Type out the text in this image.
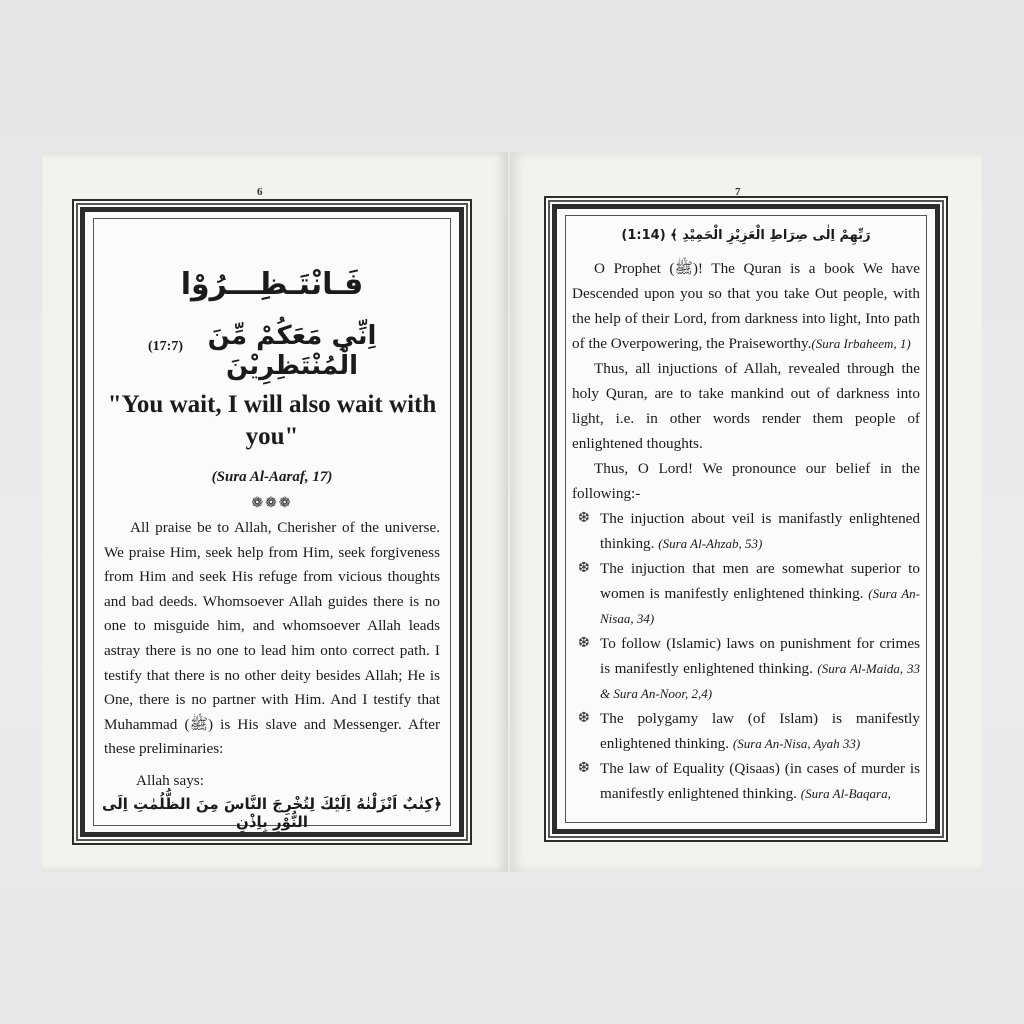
6
فَـانْتَـظِـــرُوْا
اِنِّي مَعَكُمْ مِّنَ الْمُنْتَظِرِيْنَ
(17:7)
"You wait, I will also wait with you"
(Sura Al-Aaraf, 17)
❁❁❁

All praise be to Allah, Cherisher of the universe. We praise Him, seek help from Him, seek forgiveness from Him and seek His refuge from vicious thoughts and bad deeds. Whomsoever Allah guides there is no one to misguide him, and whomsoever Allah leads astray there is no one to lead him onto correct path. I testify that there is no other deity besides Allah; He is One, there is no partner with Him. And I testify that Muhammad (ﷺ) is His slave and Messenger. After these preliminaries:

Allah says:
﴿كِتٰبٌ اَنْزَلْنٰهُ اِلَيْكَ لِتُخْرِجَ النَّاسَ مِنَ الظُّلُمٰتِ اِلَى النُّوْرِ بِاِذْنِ
7
رَبِّهِمْ اِلٰى صِرَاطِ الْعَزِيْزِ الْحَمِيْدِ ﴾ (1:14)

O Prophet (ﷺ)! The Quran is a book We have Descended upon you so that you take Out people, with the help of their Lord, from darkness into light, Into path of the Overpowering, the Praiseworthy.(Sura Irbaheem, 1)

Thus, all injuctions of Allah, revealed through the holy Quran, are to take mankind out of darkness into light, i.e. in other words render them people of enlightened thoughts.

Thus, O Lord! We pronounce our belief in the following:-

❆ The injuction about veil is manifastly enlightened thinking. (Sura Al-Ahzab, 53)
❆ The injuction that men are somewhat superior to women is manifestly enlightened thinking. (Sura An-Nisaa, 34)
❆ To follow (Islamic) laws on punishment for crimes is manifestly enlightened thinking. (Sura Al-Maida, 33 & Sura An-Noor, 2,4)
❆ The polygamy law (of Islam) is manifestly enlightened thinking. (Sura An-Nisa, Ayah 33)
❆ The law of Equality (Qisaas) (in cases of murder is manifestly enlightened thinking. (Sura Al-Baqara,
